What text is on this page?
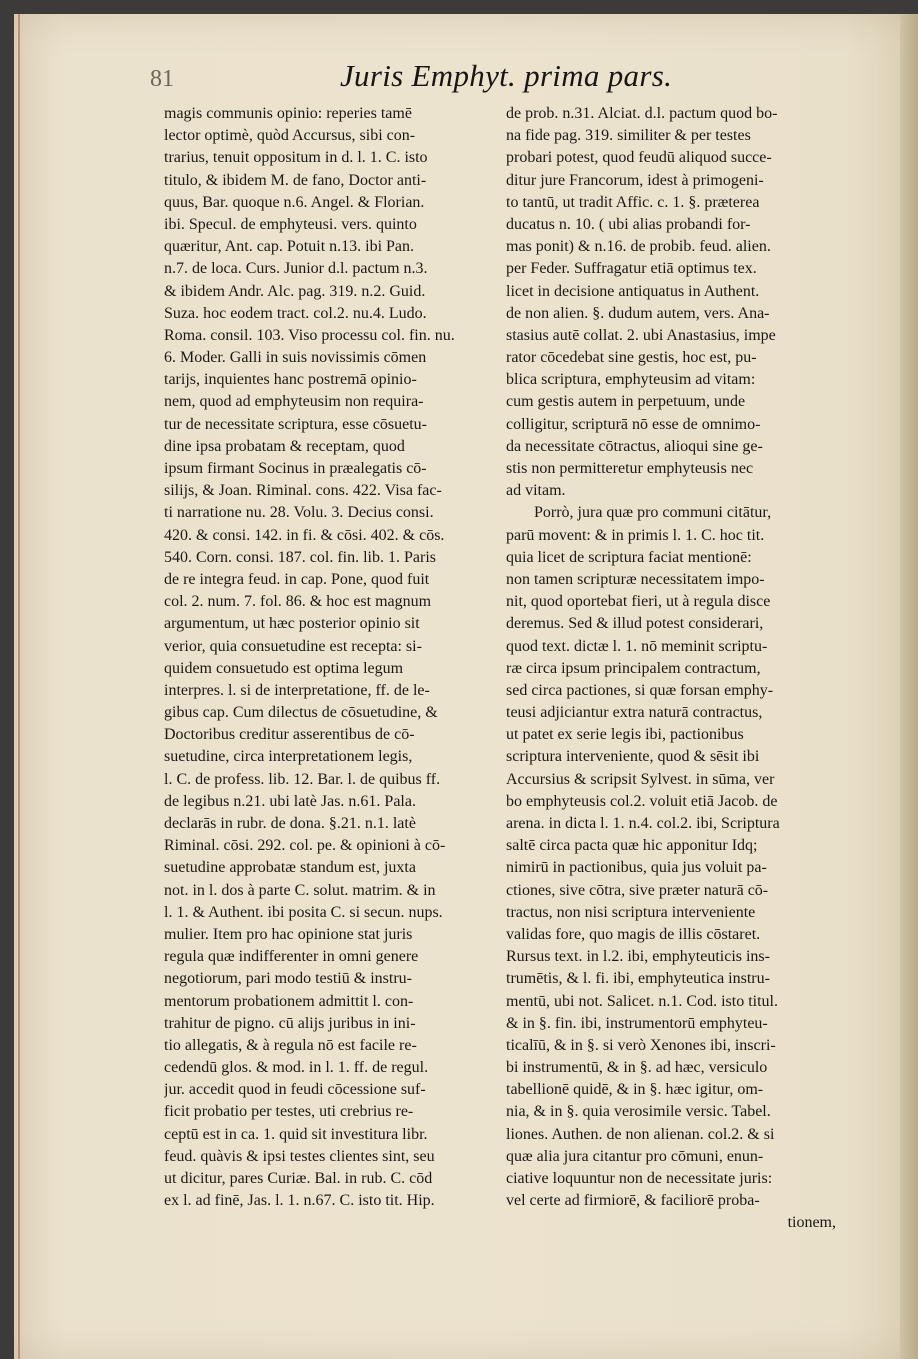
81	Juris Emphyt. prima pars.
magis communis opinio: reperies tamē
lector optimè, quòd Accursus, sibi con-
trarius, tenuit oppositum in d. l. 1. C. isto
titulo, & ibidem M. de fano, Doctor anti-
quus, Bar. quoque n.6. Angel. & Florian.
ibi. Specul. de emphyteusi. vers. quinto
quæritur, Ant. cap. Potuit n.13. ibi Pan.
n.7. de loca. Curs. Junior d.l. pactum n.3.
& ibidem Andr. Alc. pag. 319. n.2. Guid.
Suza. hoc eodem tract. col.2. nu.4. Ludo.
Roma. consil. 103. Viso processu col. fin. nu.
6. Moder. Galli in suis novissimis cōmen
tarijs, inquientes hanc postremā opinio-
nem, quod ad emphyteusim non requira-
tur de necessitate scriptura, esse cōsuetu-
dine ipsa probatam & receptam, quod
ipsum firmant Socinus in præalegatis cō-
silijs, & Joan. Riminal. cons. 422. Visa fac-
ti narratione nu. 28. Volu. 3. Decius consi.
420. & consi. 142. in fi. & cōsi. 402. & cōs.
540. Corn. consi. 187. col. fin. lib. 1. Paris
de re integra feud. in cap. Pone, quod fuit
col. 2. num. 7. fol. 86. & hoc est magnum
argumentum, ut hæc posterior opinio sit
verior, quia consuetudine est recepta: si-
quidem consuetudo est optima legum
interpres. l. si de interpretatione, ff. de le-
gibus cap. Cum dilectus de cōsuetudine, &
Doctoribus creditur asserentibus de cō-
suetudine, circa interpretationem legis,
l. C. de profess. lib. 12. Bar. l. de quibus ff.
de legibus n.21. ubi latè Jas. n.61. Pala.
declarās in rubr. de dona. §.21. n.1. latè
Riminal. cōsi. 292. col. pe. & opinioni à cō-
suetudine approbatæ standum est, juxta
not. in l. dos à parte C. solut. matrim. & in
l. 1. & Authent. ibi posita C. si secun. nups.
mulier. Item pro hac opinione stat juris
regula quæ indifferenter in omni genere
negotiorum, pari modo testiū & instru-
mentorum probationem admittit l. con-
trahitur de pigno. cū alijs juribus in ini-
tio allegatis, & à regula nō est facile re-
cedendū glos. & mod. in l. 1. ff. de regul.
jur. accedit quod in feudi cōcessione suf-
ficit probatio per testes, uti crebrius re-
ceptū est in ca. 1. quid sit investitura libr.
feud. quàvis & ipsi testes clientes sint, seu
ut dicitur, pares Curiæ. Bal. in rub. C. cōd
ex l. ad finē, Jas. l. 1. n.67. C. isto tit. Hip.
de prob. n.31. Alciat. d.l. pactum quod bo-
na fide pag. 319. similiter & per testes
probari potest, quod feudū aliquod succe-
ditur jure Francorum, idest à primogeni-
to tantū, ut tradit Affic. c. 1. §. præterea
ducatus n. 10. ( ubi alias probandi for-
mas ponit) & n.16. de probib. feud. alien.
per Feder. Suffragatur etiā optimus tex.
licet in decisione antiquatus in Authent.
de non alien. §. dudum autem, vers. Ana-
stasius autē collat. 2. ubi Anastasius, impe
rator cōcedebat sine gestis, hoc est, pu-
blica scriptura, emphyteusim ad vitam:
cum gestis autem in perpetuum, unde
colligitur, scripturā nō esse de omnimo-
da necessitate cōtractus, alioqui sine ge-
stis non permitteretur emphyteusis nec
ad vitam.
Porrò, jura quæ pro communi citātur,
parū movent: & in primis l. 1. C. hoc tit.
quia licet de scriptura faciat mentionē:
non tamen scripturæ necessitatem impo-
nit, quod oportebat fieri, ut à regula disce
deremus. Sed & illud potest considerari,
quod text. dictæ l. 1. nō meminit scriptu-
ræ circa ipsum principalem contractum,
sed circa pactiones, si quæ forsan emphy-
teusi adjiciantur extra naturā contractus,
ut patet ex serie legis ibi, pactionibus
scriptura interveniente, quod & sēsit ibi
Accursius & scripsit Sylvest. in sūma, ver
bo emphyteusis col.2. voluit etiā Jacob. de
arena. in dicta l. 1. n.4. col.2. ibi, Scriptura
saltē circa pacta quæ hic apponitur Idq;
nimirū in pactionibus, quia jus voluit pa-
ctiones, sive cōtra, sive præter naturā cō-
tractus, non nisi scriptura interveniente
validas fore, quo magis de illis cōstaret.
Rursus text. in l.2. ibi, emphyteuticis ins-
trumētis, & l. fi. ibi, emphyteutica instru-
mentū, ubi not. Salicet. n.1. Cod. isto titul.
& in §. fin. ibi, instrumentorū emphyteu-
ticalīū, & in §. si verò Xenones ibi, inscri-
bi instrumentū, & in §. ad hæc, versiculo
tabellionē quidē, & in §. hæc igitur, om-
nia, & in §. quia verosimile versic. Tabel.
liones. Authen. de non alienan. col.2. & si
quæ alia jura citantur pro cōmuni, enun-
ciative loquuntur non de necessitate juris:
vel certe ad firmiorē, & faciliorē proba-
tionem,
